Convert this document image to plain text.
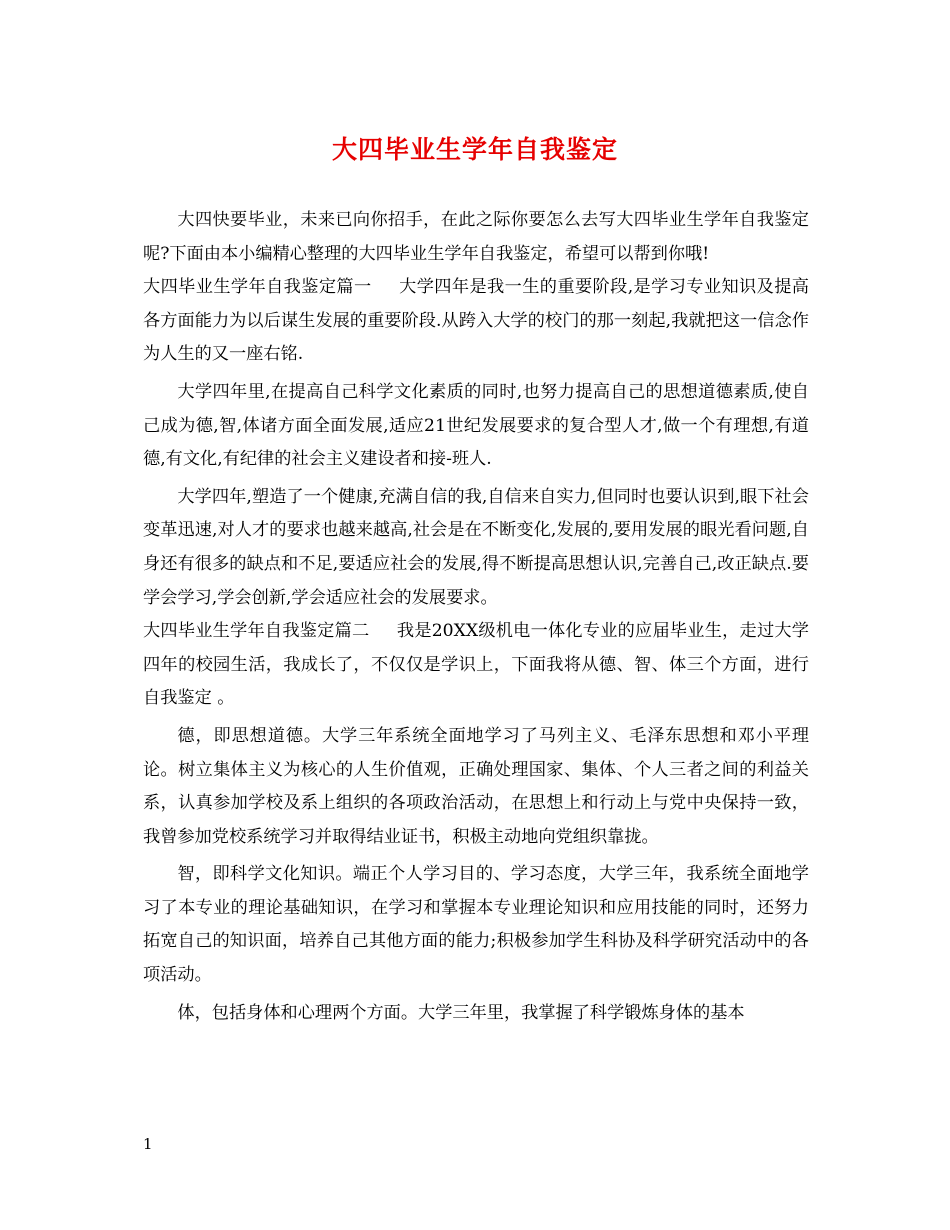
大四毕业生学年自我鉴定

大四快要毕业，未来已向你招手，在此之际你要怎么去写大四毕业生学年自我鉴定呢?下面由本小编精心整理的大四毕业生学年自我鉴定，希望可以帮到你哦!

大四毕业生学年自我鉴定篇一 大学四年是我一生的重要阶段,是学习专业知识及提高各方面能力为以后谋生发展的重要阶段.从跨入大学的校门的那一刻起,我就把这一信念作为人生的又一座右铭.

大学四年里,在提高自己科学文化素质的同时,也努力提高自己的思想道德素质,使自己成为德,智,体诸方面全面发展,适应21世纪发展要求的复合型人才,做一个有理想,有道德,有文化,有纪律的社会主义建设者和接-班人.

大学四年,塑造了一个健康,充满自信的我,自信来自实力,但同时也要认识到,眼下社会变革迅速,对人才的要求也越来越高,社会是在不断变化,发展的,要用发展的眼光看问题,自身还有很多的缺点和不足,要适应社会的发展,得不断提高思想认识,完善自己,改正缺点.要学会学习,学会创新,学会适应社会的发展要求。

大四毕业生学年自我鉴定篇二 我是20XX级机电一体化专业的应届毕业生，走过大学四年的校园生活，我成长了，不仅仅是学识上，下面我将从德、智、体三个方面，进行 自我鉴定 。

德，即思想道德。大学三年系统全面地学习了马列主义、毛泽东思想和邓小平理论。树立集体主义为核心的人生价值观，正确处理国家、集体、个人三者之间的利益关系，认真参加学校及系上组织的各项政治活动，在思想上和行动上与党中央保持一致，我曾参加党校系统学习并取得结业证书，积极主动地向党组织靠拢。

智，即科学文化知识。端正个人学习目的、学习态度，大学三年，我系统全面地学习了本专业的理论基础知识，在学习和掌握本专业理论知识和应用技能的同时，还努力拓宽自己的知识面，培养自己其他方面的能力;积极参加学生科协及科学研究活动中的各项活动。

体，包括身体和心理两个方面。大学三年里，我掌握了科学锻炼身体的基本

1
